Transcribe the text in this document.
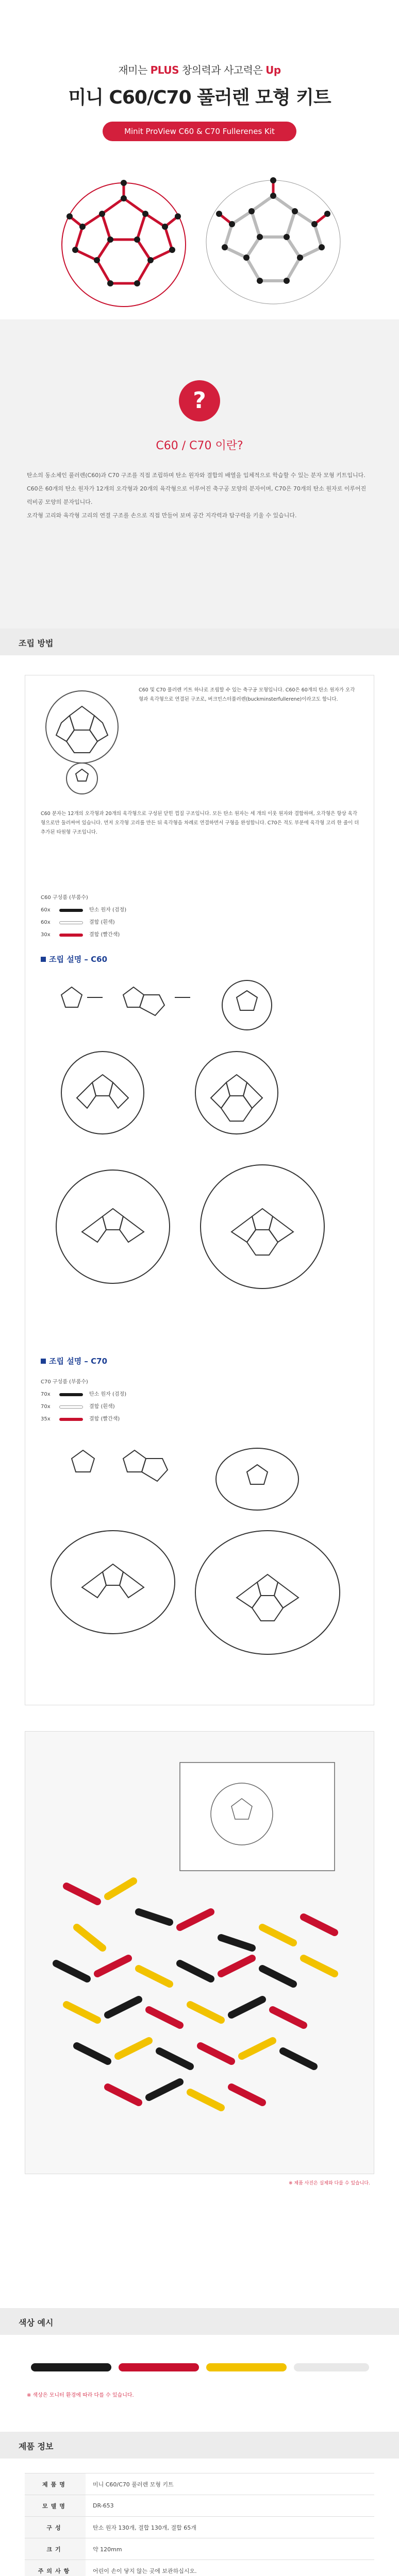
재미는 PLUS 창의력과 사고력은 Up
미니 C60/C70 풀러렌 모형 키트
Minit ProView C60 & C70 Fullerenes Kit
?
C60 / C70 이란?

탄소의 동소체인 풀러렌(C60)과 C70 구조를 직접 조립하며 탄소 원자와 결합의 배열을 입체적으로 학습할 수 있는 분자 모형 키트입니다.

C60은 60개의 탄소 원자가 12개의 오각형과 20개의 육각형으로 이루어진 축구공 모양의 분자이며, C70은 70개의 탄소 원자로 이루어진 럭비공 모양의 분자입니다.

오각형 고리와 육각형 고리의 연결 구조를 손으로 직접 만들어 보며 공간 지각력과 탐구력을 키울 수 있습니다.

조립 방법
C60 및 C70 풀러렌 키트 하나로 조립할 수 있는 축구공 모형입니다. C60은 60개의 탄소 원자가 오각형과 육각형으로 연결된 구조로, 버크민스터풀러렌(buckminsterfullerene)이라고도 합니다.
C60 분자는 12개의 오각형과 20개의 육각형으로 구성된 닫힌 껍질 구조입니다. 모든 탄소 원자는 세 개의 이웃 원자와 결합하며, 오각형은 항상 육각형으로만 둘러싸여 있습니다. 먼저 오각형 고리를 만든 뒤 육각형을 차례로 연결하면서 구형을 완성합니다. C70은 적도 부분에 육각형 고리 한 줄이 더 추가된 타원형 구조입니다.
C60 구성품 (부품수)
60x	탄소 원자 (검정)
60x	결합 (흰색)
30x	결합 (빨간색)
조립 설명 – C60
조립 설명 – C70
C70 구성품 (부품수)
70x	탄소 원자 (검정)
70x	결합 (흰색)
35x	결합 (빨간색)
※ 제품 사진은 실제와 다를 수 있습니다.
색상 예시
※ 색상은 모니터 환경에 따라 다를 수 있습니다.
제품 정보
제품명	미니 C60/C70 풀러렌 모형 키트
모델명	DR-653
구성	탄소 원자 130개, 결합 130개, 결합 65개
크기	약 120mm
주의사항	어린이 손이 닿지 않는 곳에 보관하십시오.
